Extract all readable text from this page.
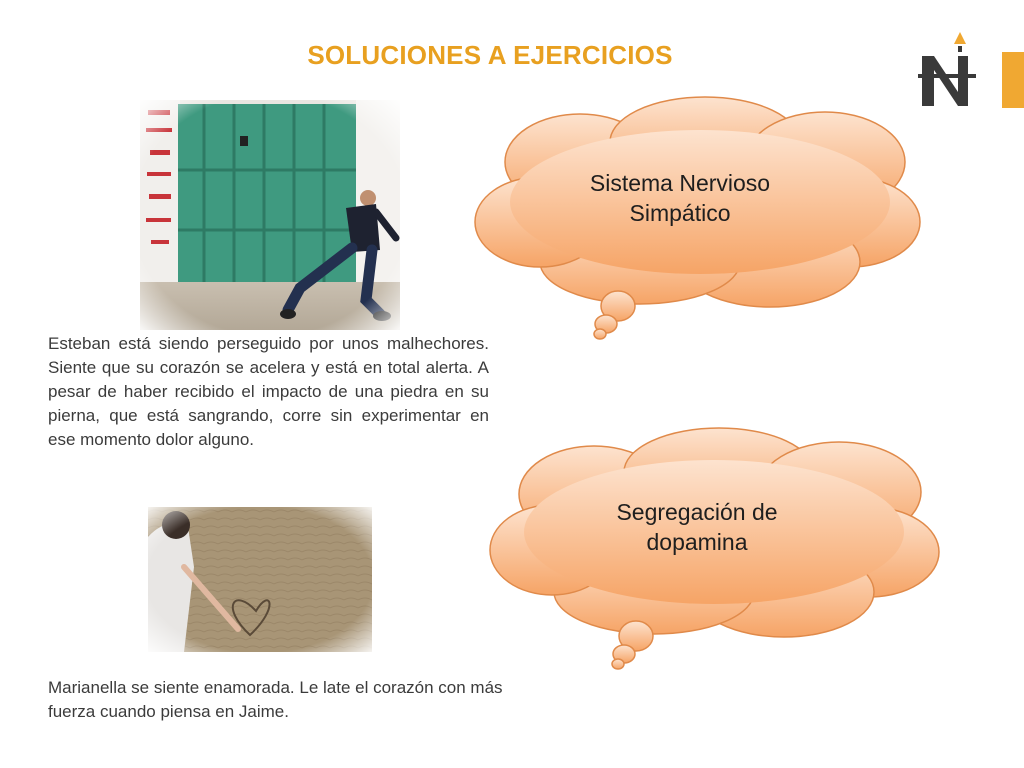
SOLUCIONES A EJERCICIOS

Esteban está siendo perseguido por unos malhechores. Siente que su corazón se acelera y está en total alerta. A pesar de haber recibido el impacto de una piedra en su pierna, que está sangrando, corre sin experimentar en ese momento dolor alguno.

Marianella se siente enamorada. Le late el corazón con más fuerza cuando piensa en Jaime.

Sistema Nervioso Simpático
Segregación de dopamina
